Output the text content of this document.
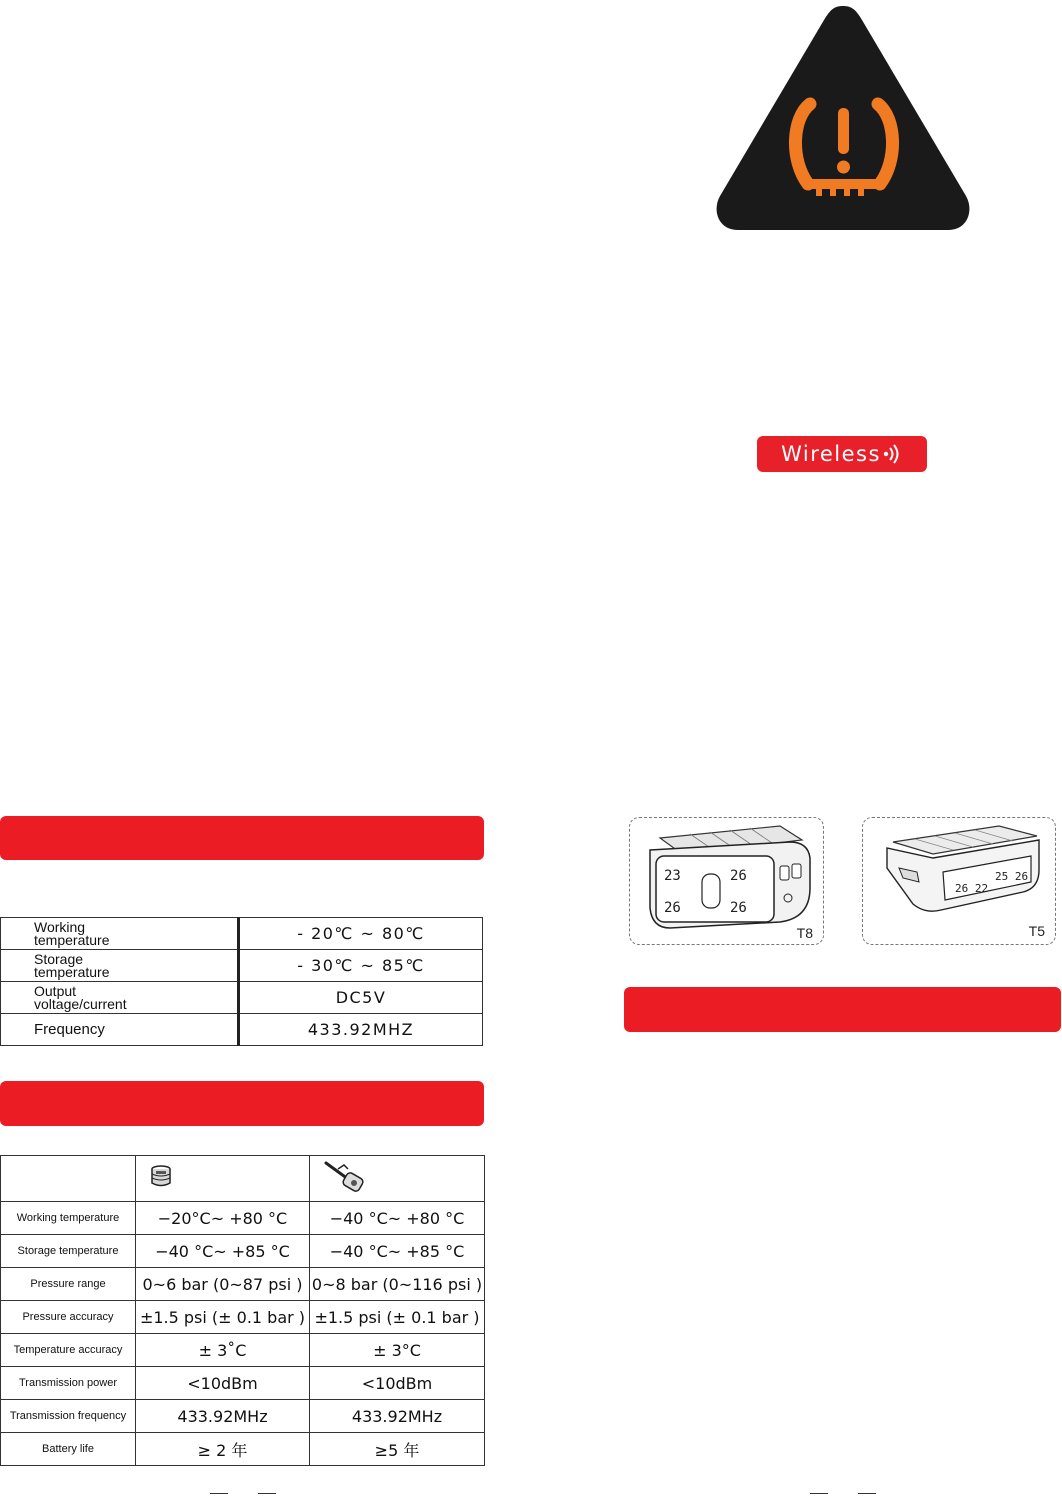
Wireless
Working
temperature	- 20℃ ~ 80℃
Storage
temperature	- 30℃ ~ 85℃
Output
voltage/current	DC5V
Frequency	433.92MHZ

Working temperature	−20°C~ +80 °C	−40 °C~ +80 °C
Storage temperature	−40 °C~ +85 °C	−40 °C~ +85 °C
Pressure range	0~6 bar (0~87 psi )	0~8 bar (0~116 psi )
Pressure accuracy	±1.5 psi (± 0.1 bar )	±1.5 psi (± 0.1 bar )
Temperature accuracy	± 3˚C	± 3°C
Transmission power	<10dBm	<10dBm
Transmission frequency	433.92MHz	433.92MHz
Battery life	≥ 2 年	≥5 年
23	26
26	26
T8
26 22
25 26
T5
